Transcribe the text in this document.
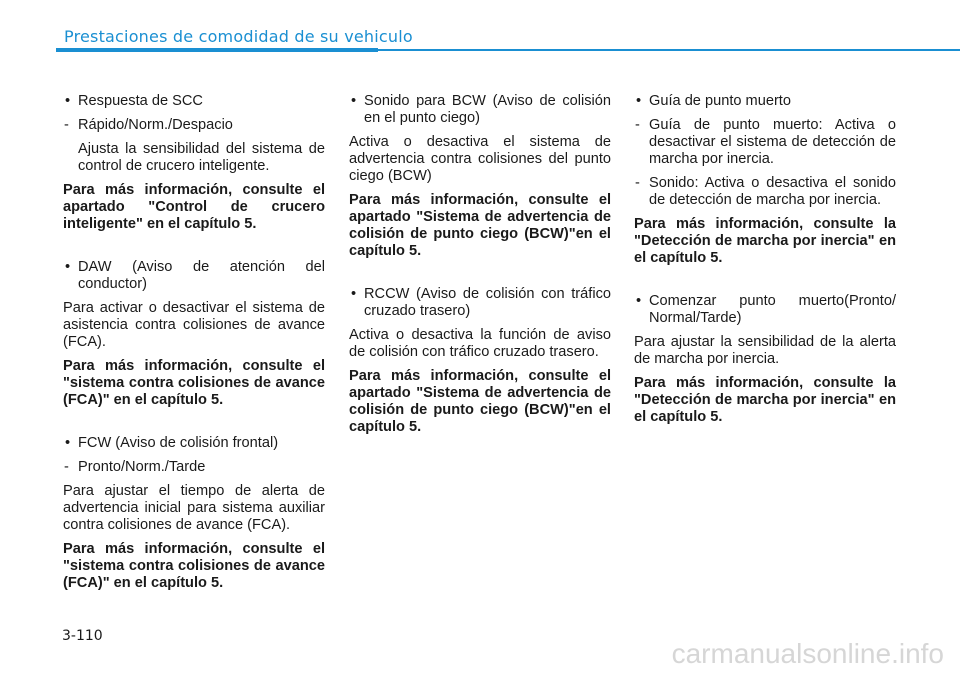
Prestaciones de comodidad de su vehiculo
• Respuesta de SCC
- Rápido/Norm./Despacio
Ajusta la sensibilidad del sistema de control de crucero inteligente.
Para más información, consulte el apartado "Control de crucero inteligente" en el capítulo 5.
• DAW (Aviso de atención del conductor)
Para activar o desactivar el sistema de asistencia contra colisiones de avance (FCA).
Para más información, consulte el "sistema contra colisiones de avance (FCA)" en el capítulo 5.
• FCW (Aviso de colisión frontal)
- Pronto/Norm./Tarde
Para ajustar el tiempo de alerta de advertencia inicial para sistema auxiliar contra colisiones de avance (FCA).
Para más información, consulte el "sistema contra colisiones de avance (FCA)" en el capítulo 5.
• Sonido para BCW (Aviso de colisión en el punto ciego)
Activa o desactiva el sistema de advertencia contra colisiones del punto ciego (BCW)
Para más información, consulte el apartado "Sistema de advertencia de colisión de punto ciego (BCW)"en el capítulo 5.
• RCCW (Aviso de colisión con tráfico cruzado trasero)
Activa o desactiva la función de aviso de colisión con tráfico cruzado trasero.
Para más información, consulte el apartado "Sistema de advertencia de colisión de punto ciego (BCW)"en el capítulo 5.
• Guía de punto muerto
- Guía de punto muerto: Activa o desactivar el sistema de detección de marcha por inercia.
- Sonido: Activa o desactiva el sonido de detección de marcha por inercia.
Para más información, consulte la "Detección de marcha por inercia" en el capítulo 5.
• Comenzar punto muerto(Pronto/ Normal/Tarde)
Para ajustar la sensibilidad de la alerta de marcha por inercia.
Para más información, consulte la "Detección de marcha por inercia" en el capítulo 5.
3-110
carmanualsonline.info
